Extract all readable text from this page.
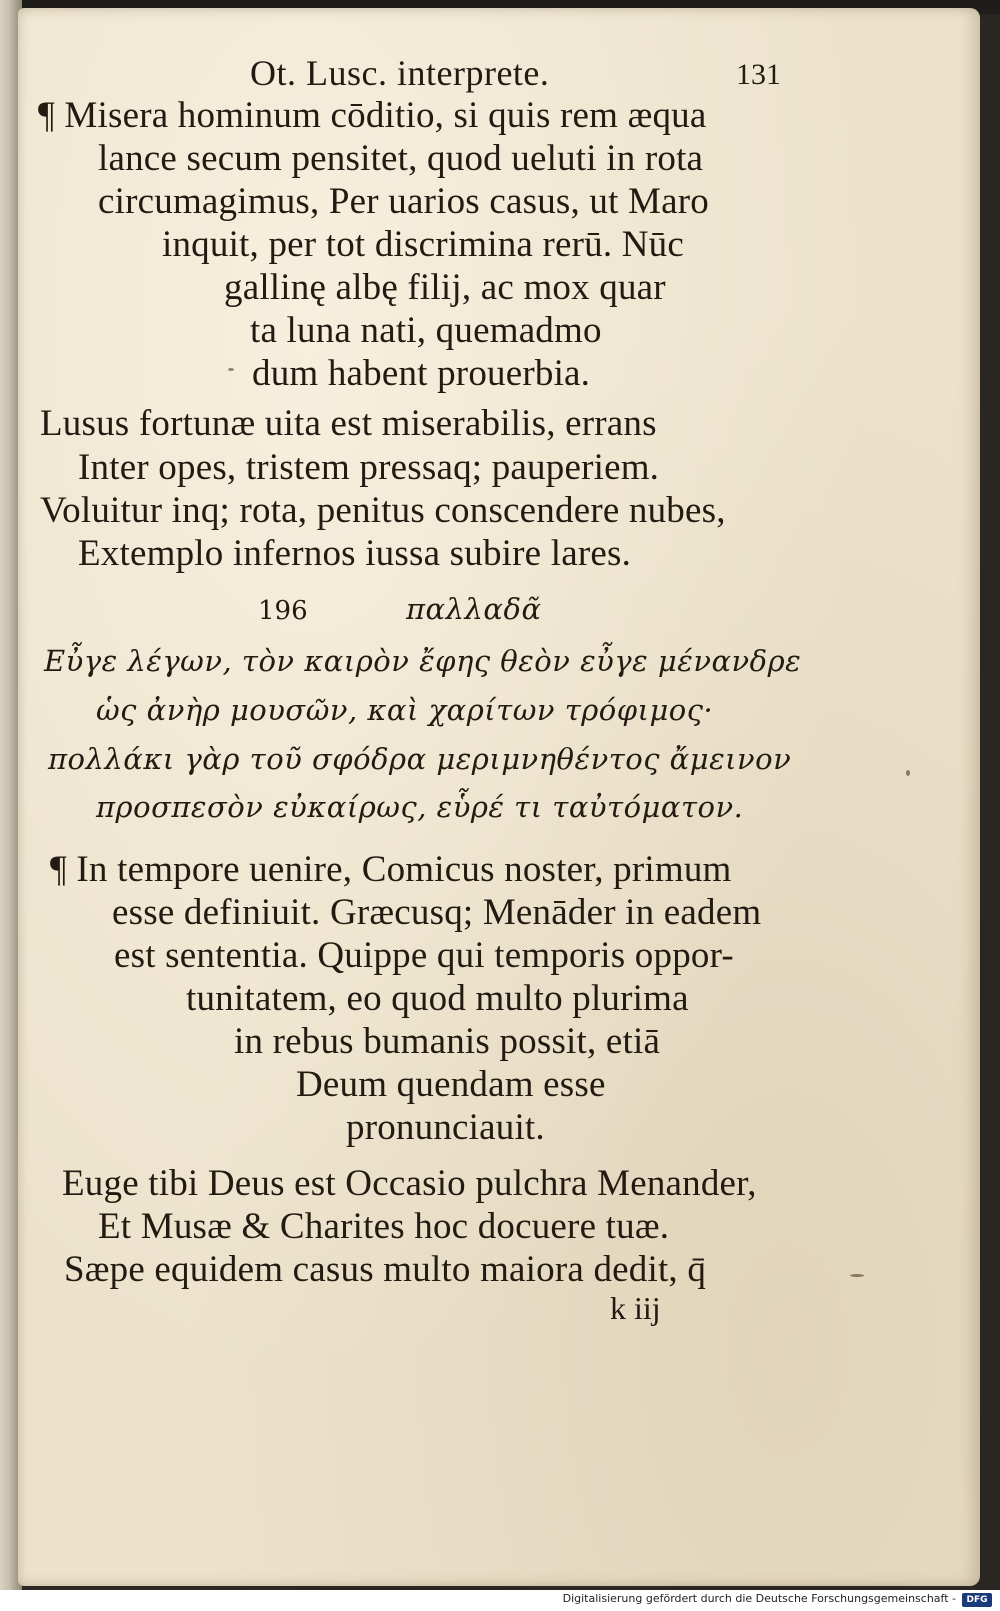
Ot. Lusc. interprete.	131
¶ Misera hominum cōditio, si quis rem æqua
lance secum pensitet, quod ueluti in rota
circumagimus, Per uarios casus, ut Maro
inquit, per tot discrimina rerū. Nūc
gallinę albę filij, ac mox quar
ta luna nati, quemadmo
dum habent prouerbia.
Lusus fortunæ uita est miserabilis, errans
Inter opes, tristem pressaq; pauperiem.
Voluitur inq; rota, penitus conscendere nubes,
Extemplo infernos iussa subire lares.
196	παλλαδᾶ
Εὖγε λέγων, τὸν καιρὸν ἔφης θεὸν εὖγε μένανδρε
ὡς ἀνὴρ μουσῶν, καὶ χαρίτων τρόφιμος·
πολλάκι γὰρ τοῦ σφόδρα μεριμνηθέντος ἄμεινον
προσπεσὸν εὐκαίρως, εὗρέ τι ταὐτόματον.
¶ In tempore uenire, Comicus noster, primum
esse definiuit. Græcusq; Menāder in eadem
est sententia. Quippe qui temporis oppor-
tunitatem, eo quod multo plurima
in rebus bumanis possit, etiā
Deum quendam esse
pronunciauit.
Euge tibi Deus est Occasio pulchra Menander,
Et Musæ & Charites hoc docuere tuæ.
Sæpe equidem casus multo maiora dedit, q̄
k iij
Digitalisierung gefördert durch die Deutsche Forschungsgemeinschaft -	DFG
